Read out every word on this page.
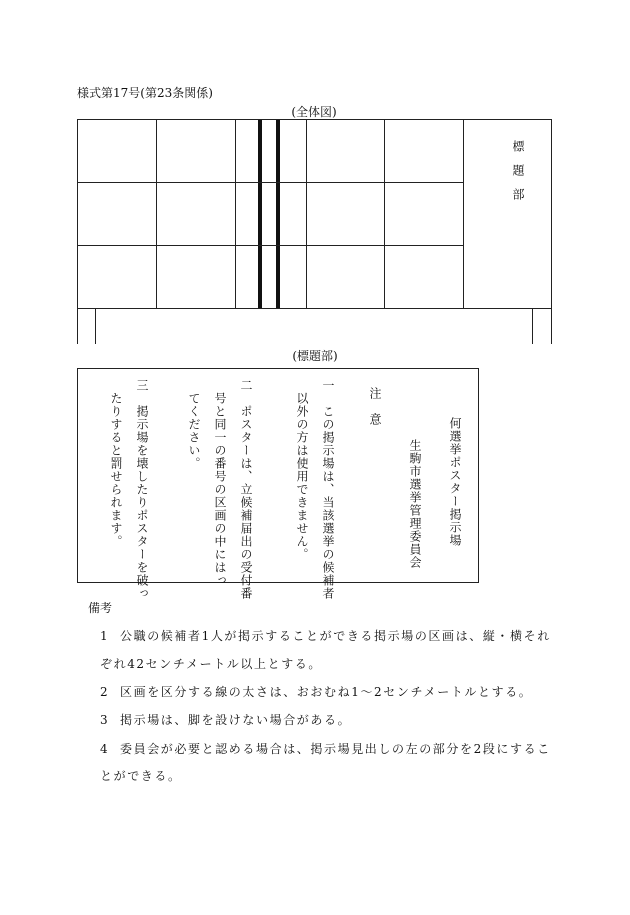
様式第17号(第23条関係)
(全体図)
標題部
(標題部)
何選挙ポスター掲示場
生駒市選挙管理委員会
注　意
一　この掲示場は、当該選挙の候補者
以外の方は使用できません。
二　ポスターは、立候補届出の受付番
号と同一の番号の区画の中にはっ
てください。
三　掲示場を壊したりポスターを破っ
たりすると罰せられます。
備考
1 公職の候補者1人が掲示することができる掲示場の区画は、縦・横それ
ぞれ42センチメートル以上とする。
2 区画を区分する線の太さは、おおむね1～2センチメートルとする。
3 掲示場は、脚を設けない場合がある。
4 委員会が必要と認める場合は、掲示場見出しの左の部分を2段にするこ
とができる。
